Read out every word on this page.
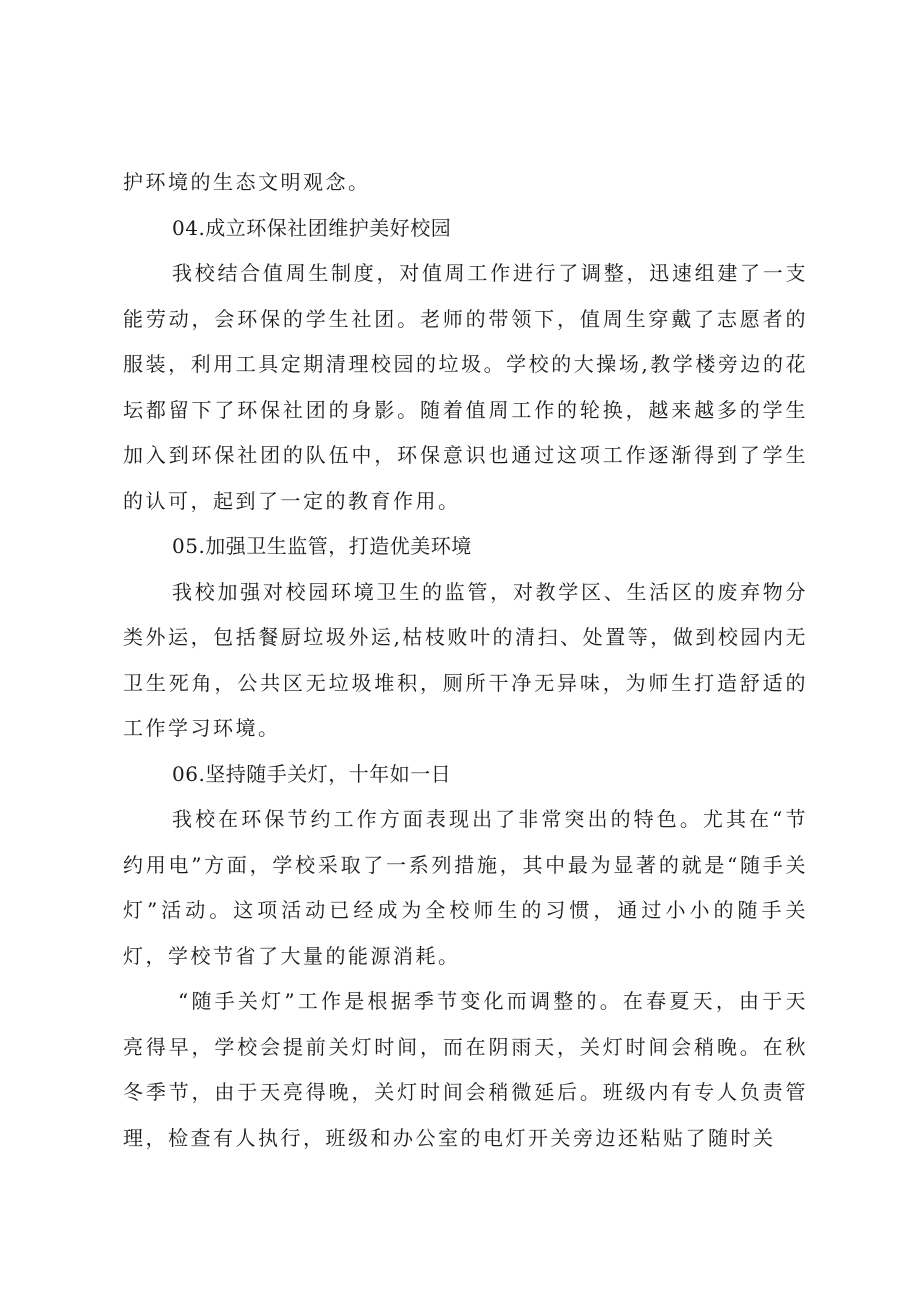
护环境的生态文明观念。

04.成立环保社团维护美好校园

我校结合值周生制度，对值周工作进行了调整，迅速组建了一支能劳动，会环保的学生社团。老师的带领下，值周生穿戴了志愿者的服装，利用工具定期清理校园的垃圾。学校的大操场,教学楼旁边的花坛都留下了环保社团的身影。随着值周工作的轮换，越来越多的学生加入到环保社团的队伍中，环保意识也通过这项工作逐渐得到了学生的认可，起到了一定的教育作用。

05.加强卫生监管，打造优美环境

我校加强对校园环境卫生的监管，对教学区、生活区的废弃物分类外运，包括餐厨垃圾外运,枯枝败叶的清扫、处置等，做到校园内无卫生死角，公共区无垃圾堆积，厕所干净无异味，为师生打造舒适的工作学习环境。

06.坚持随手关灯，十年如一日

我校在环保节约工作方面表现出了非常突出的特色。尤其在“节约用电”方面，学校采取了一系列措施，其中最为显著的就是“随手关灯”活动。这项活动已经成为全校师生的习惯，通过小小的随手关灯，学校节省了大量的能源消耗。

“随手关灯”工作是根据季节变化而调整的。在春夏天，由于天亮得早，学校会提前关灯时间，而在阴雨天，关灯时间会稍晚。在秋冬季节，由于天亮得晚，关灯时间会稍微延后。班级内有专人负责管理，检查有人执行，班级和办公室的电灯开关旁边还粘贴了随时关
